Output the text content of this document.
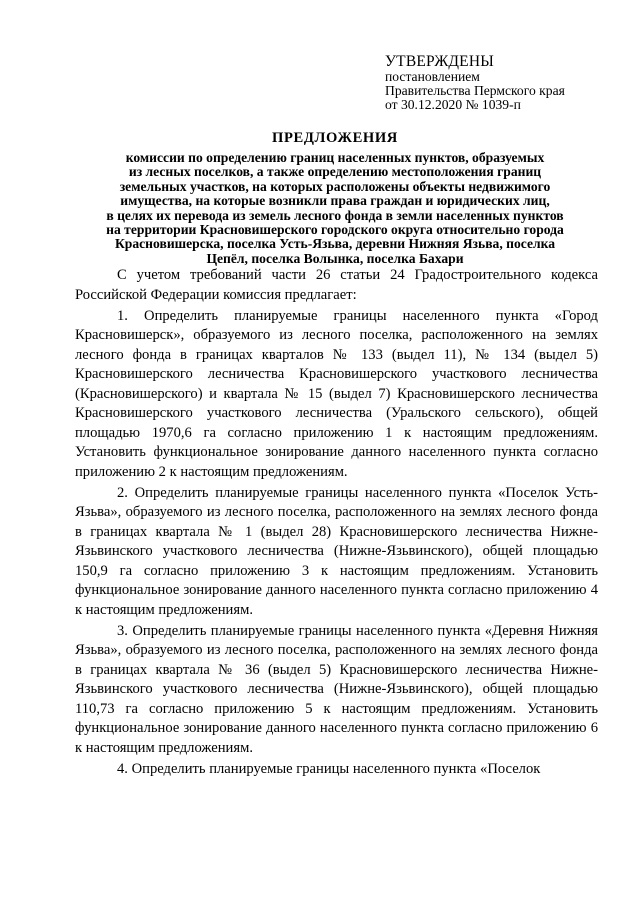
УТВЕРЖДЕНЫ
постановлением
Правительства Пермского края
от 30.12.2020 № 1039-п
ПРЕДЛОЖЕНИЯ
комиссии по определению границ населенных пунктов, образуемых
из лесных поселков, а также определению местоположения границ
земельных участков, на которых расположены объекты недвижимого
имущества, на которые возникли права граждан и юридических лиц,
в целях их перевода из земель лесного фонда в земли населенных пунктов
на территории Красновишерского городского округа относительно города
Красновишерска, поселка Усть-Язьва, деревни Нижняя Язьва, поселка
Цепёл, поселка Волынка, поселка Бахари

С учетом требований части 26 статьи 24 Градостроительного кодекса Российской Федерации комиссия предлагает:

1. Определить планируемые границы населенного пункта «Город Красновишерск», образуемого из лесного поселка, расположенного на землях лесного фонда в границах кварталов № 133 (выдел 11), № 134 (выдел 5) Красновишерского лесничества Красновишерского участкового лесничества (Красновишерского) и квартала № 15 (выдел 7) Красновишерского лесничества Красновишерского участкового лесничества (Уральского сельского), общей площадью 1970,6 га согласно приложению 1 к настоящим предложениям. Установить функциональное зонирование данного населенного пункта согласно приложению 2 к настоящим предложениям.

2. Определить планируемые границы населенного пункта «Поселок Усть-Язьва», образуемого из лесного поселка, расположенного на землях лесного фонда в границах квартала № 1 (выдел 28) Красновишерского лесничества Нижне-Язьвинского участкового лесничества (Нижне-Язьвинского), общей площадью 150,9 га согласно приложению 3 к настоящим предложениям. Установить функциональное зонирование данного населенного пункта согласно приложению 4 к настоящим предложениям.

3. Определить планируемые границы населенного пункта «Деревня Нижняя Язьва», образуемого из лесного поселка, расположенного на землях лесного фонда в границах квартала № 36 (выдел 5) Красновишерского лесничества Нижне-Язьвинского участкового лесничества (Нижне-Язьвинского), общей площадью 110,73 га согласно приложению 5 к настоящим предложениям. Установить функциональное зонирование данного населенного пункта согласно приложению 6 к настоящим предложениям.

4. Определить планируемые границы населенного пункта «Поселок
